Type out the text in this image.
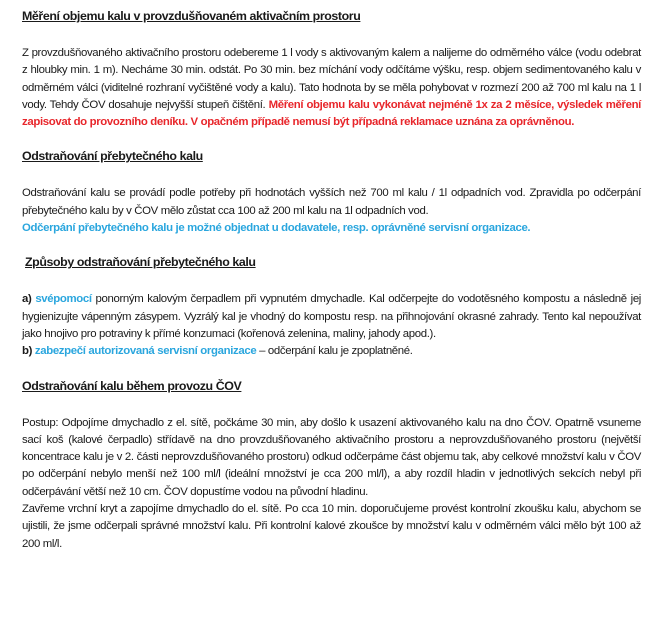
Měření objemu kalu v provzdušňovaném aktivačním prostoru

Z provzdušňovaného aktivačního prostoru odebereme 1 l vody s aktivovaným kalem a nalijeme do odměrného válce (vodu odebrat z hloubky min. 1 m). Necháme 30 min. odstát. Po 30 min. bez míchání vody odčítáme výšku, resp. objem sedimentovaného kalu v odměrném válci (viditelné rozhraní vyčištěné vody a kalu). Tato hodnota by se měla pohybovat v rozmezí 200 až 700 ml kalu na 1 l vody. Tehdy ČOV dosahuje nejvyšší stupeň čištění. Měření objemu kalu vykonávat nejméně 1x za 2 měsíce, výsledek měření zapisovat do provozního deníku. V opačném případě nemusí být případná reklamace uznána za oprávněnou.

Odstraňování přebytečného kalu

Odstraňování kalu se provádí podle potřeby při hodnotách vyšších než 700 ml kalu / 1l odpadních vod. Zpravidla po odčerpání přebytečného kalu by v ČOV mělo zůstat cca 100 až 200 ml kalu na 1l odpadních vod.
Odčerpání přebytečného kalu je možné objednat u dodavatele, resp. oprávněné servisní organizace.

Způsoby odstraňování přebytečného kalu

a) svépomocí ponorným kalovým čerpadlem při vypnutém dmychadle. Kal odčerpejte do vodotěsného kompostu a následně jej hygienizujte vápenným zásypem. Vyzrálý kal je vhodný do kompostu resp. na přihnojování okrasné zahrady. Tento kal nepoužívat jako hnojivo pro potraviny k přímé konzumaci (kořenová zelenina, maliny, jahody apod.).

b) zabezpečí autorizovaná servisní organizace – odčerpání kalu je zpoplatněné.

Odstraňování kalu během provozu ČOV

Postup: Odpojíme dmychadlo z el. sítě, počkáme 30 min, aby došlo k usazení aktivovaného kalu na dno ČOV. Opatrně vsuneme sací koš (kalové čerpadlo) střídavě na dno provzdušňovaného aktivačního prostoru a neprovzdušňovaného prostoru (největší koncentrace kalu je v 2. části neprovzdušňovaného prostoru) odkud odčerpáme část objemu tak, aby celkové množství kalu v ČOV po odčerpání nebylo menší než 100 ml/l (ideální množství je cca 200 ml/l), a aby rozdíl hladin v jednotlivých sekcích nebyl při odčerpávání větší než 10 cm. ČOV dopustíme vodou na původní hladinu.

Zavřeme vrchní kryt a zapojíme dmychadlo do el. sítě. Po cca 10 min. doporučujeme provést kontrolní zkoušku kalu, abychom se ujistili, že jsme odčerpali správné množství kalu. Při kontrolní kalové zkoušce by množství kalu v odměrném válci mělo být 100 až 200 ml/l.
